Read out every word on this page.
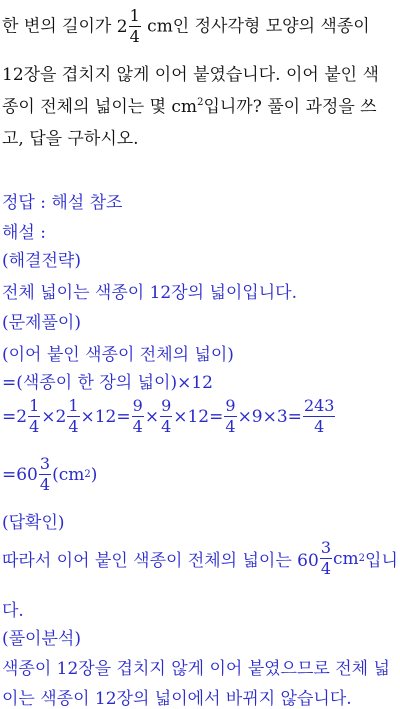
한 변의 길이가 2
1
4 cm인 정사각형 모양의 색종이
12장을 겹치지 않게 이어 붙였습니다. 이어 붙인 색
종이 전체의 넓이는 몇 $cm^2$입니까? 풀이 과정을 쓰
고, 답을 구하시오.
정답 : 해설 참조
해설 :
(해결전략)
전체 넓이는 색종이 12장의 넓이입니다.
(문제풀이)
(이어 붙인 색종이 전체의 넓이)
=(색종이 한 장의 넓이)×12
$=2 \frac{1}{4} \times 2 \frac{1}{4} \times 12= \frac{9}{4} \times \frac{9}{4} \times 12= \frac{9}{4} \times 9\times 3= \frac{243}{4}$
=60
3
4 (cm 2 )
(답확인)
따라서 이어 붙인 색종이 전체의 넓이는 60
3
4 cm 2 입니
다.
(풀이분석)
색종이 12장을 겹치지 않게 이어 붙였으므로 전체 넓
이는 색종이 12장의 넓이에서 바뀌지 않습니다.
